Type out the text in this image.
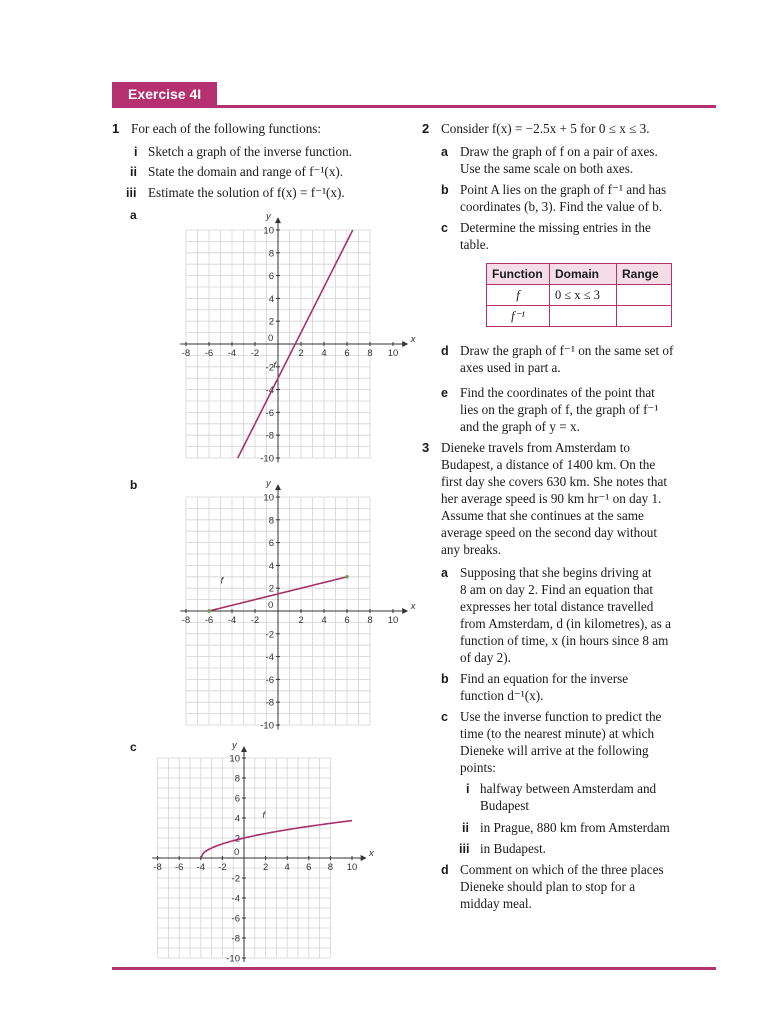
Exercise 4I
1 For each of the following functions:
i Sketch a graph of the inverse function.
ii State the domain and range of f⁻¹(x).
iii Estimate the solution of f(x) = f⁻¹(x).
a
b
c
x
y
-8 -6 -4 -2
0
2 4 6 8 10
10
8
6
4
2
-2
-4
-6
-8
-10
f
x
y
-8 -6 -4 -2
0
2 4 6 8 10
10
8
6
4
2
-2
-4
-6
-8
-10
f
x
y
-8 -6 -4 -2
0
2 4 6 8 10
10
8
6
4
2
-2
-4
-6
-8
-10
f
2 Consider f(x) = −2.5x + 5 for 0 ≤ x ≤ 3.
a Draw the graph of f on a pair of axes.
Use the same scale on both axes.
b Point A lies on the graph of f⁻¹ and has
coordinates (b, 3). Find the value of b.
c Determine the missing entries in the
table.
Function	Domain	Range
f	0 ≤ x ≤ 3	
f⁻¹		
d Draw the graph of f⁻¹ on the same set of
axes used in part a.
e Find the coordinates of the point that
lies on the graph of f, the graph of f⁻¹
and the graph of y = x.
3 Dieneke travels from Amsterdam to
Budapest, a distance of 1400 km. On the
first day she covers 630 km. She notes that
her average speed is 90 km hr⁻¹ on day 1.
Assume that she continues at the same
average speed on the second day without
any breaks.
a Supposing that she begins driving at
8 am on day 2. Find an equation that
expresses her total distance travelled
from Amsterdam, d (in kilometres), as a
function of time, x (in hours since 8 am
of day 2).
b Find an equation for the inverse
function d⁻¹(x).
c Use the inverse function to predict the
time (to the nearest minute) at which
Dieneke will arrive at the following
points:
i halfway between Amsterdam and
Budapest
ii in Prague, 880 km from Amsterdam
iii in Budapest.
d Comment on which of the three places
Dieneke should plan to stop for a
midday meal.
